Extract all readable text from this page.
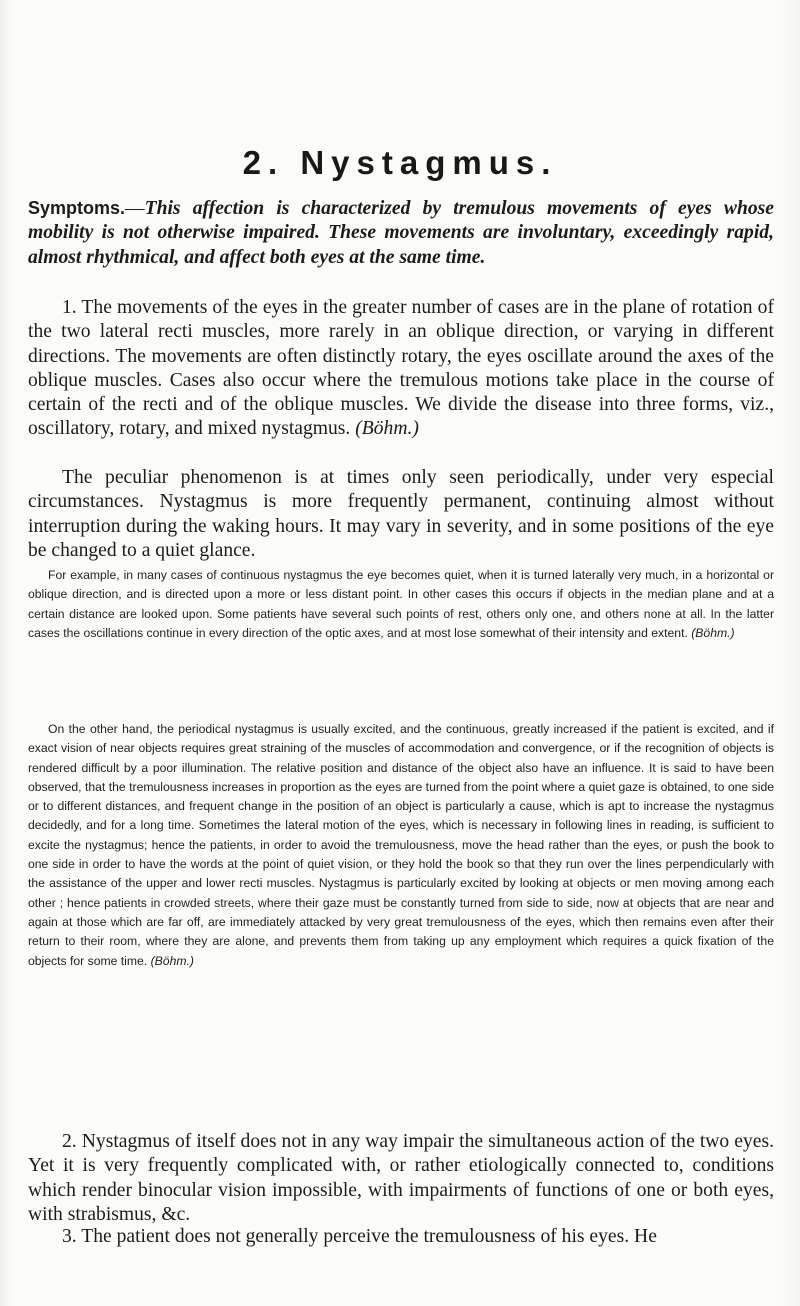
2. Nystagmus.

Symptoms.—This affection is characterized by tremulous movements of eyes whose mobility is not otherwise impaired. These movements are involuntary, exceedingly rapid, almost rhythmical, and affect both eyes at the same time.

1. The movements of the eyes in the greater number of cases are in the plane of rotation of the two lateral recti muscles, more rarely in an oblique direction, or varying in different directions. The movements are often distinctly rotary, the eyes oscillate around the axes of the oblique muscles. Cases also occur where the tremulous motions take place in the course of certain of the recti and of the oblique muscles. We divide the disease into three forms, viz., oscillatory, rotary, and mixed nystagmus. (Böhm.)

The peculiar phenomenon is at times only seen periodically, under very especial circumstances. Nystagmus is more frequently permanent, continuing almost without interruption during the waking hours. It may vary in severity, and in some positions of the eye be changed to a quiet glance.

For example, in many cases of continuous nystagmus the eye becomes quiet, when it is turned laterally very much, in a horizontal or oblique direction, and is directed upon a more or less distant point. In other cases this occurs if objects in the median plane and at a certain distance are looked upon. Some patients have several such points of rest, others only one, and others none at all. In the latter cases the oscillations continue in every direction of the optic axes, and at most lose somewhat of their intensity and extent. (Böhm.)

On the other hand, the periodical nystagmus is usually excited, and the continuous, greatly increased if the patient is excited, and if exact vision of near objects requires great straining of the muscles of accommodation and convergence, or if the recognition of objects is rendered difficult by a poor illumination. The relative position and distance of the object also have an influence. It is said to have been observed, that the tremulousness increases in proportion as the eyes are turned from the point where a quiet gaze is obtained, to one side or to different distances, and frequent change in the position of an object is particularly a cause, which is apt to increase the nystagmus decidedly, and for a long time. Sometimes the lateral motion of the eyes, which is necessary in following lines in reading, is sufficient to excite the nystagmus; hence the patients, in order to avoid the tremulousness, move the head rather than the eyes, or push the book to one side in order to have the words at the point of quiet vision, or they hold the book so that they run over the lines perpendicularly with the assistance of the upper and lower recti muscles. Nystagmus is particularly excited by looking at objects or men moving among each other ; hence patients in crowded streets, where their gaze must be constantly turned from side to side, now at objects that are near and again at those which are far off, are immediately attacked by very great tremulousness of the eyes, which then remains even after their return to their room, where they are alone, and prevents them from taking up any employment which requires a quick fixation of the objects for some time. (Böhm.)

2. Nystagmus of itself does not in any way impair the simultaneous action of the two eyes. Yet it is very frequently complicated with, or rather etiologically connected to, conditions which render binocular vision impossible, with impairments of functions of one or both eyes, with strabismus, &c.

3. The patient does not generally perceive the tremulousness of his eyes. He
